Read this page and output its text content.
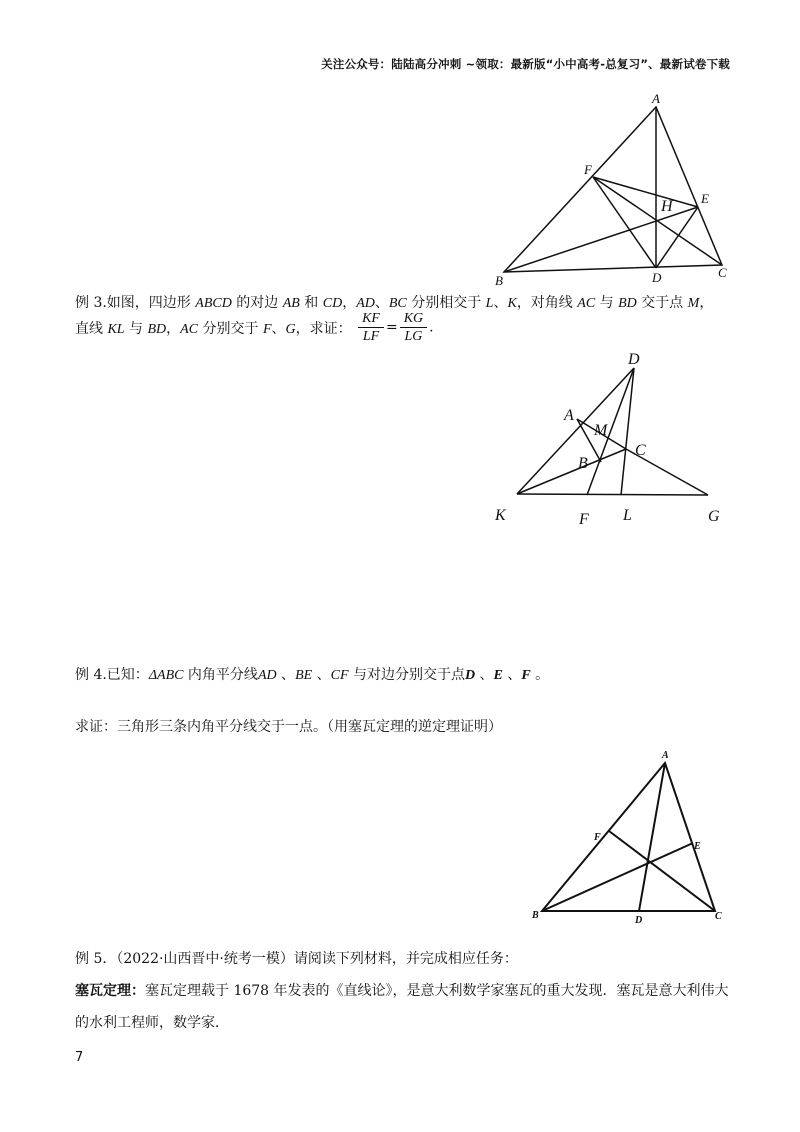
关注公众号：陆陆高分冲刺 ~领取：最新版“小中高考-总复习”、最新试卷下载
A
B
C
D
E
F
H
例 3.如图，四边形 ABCD 的对边 AB 和 CD，AD、BC 分别相交于 L、K，对角线 AC 与 BD 交于点 M，
直线 KL 与 BD，AC 分别交于 F、G，求证： $\frac{KF}{LF} = \frac{KG}{LG}$ .
D
A
B
C
M
K	F L	G
例 4.已知：ΔABC 内角平分线AD 、BE 、CF 与对边分别交于点D 、E 、F 。
求证：三角形三条内角平分线交于一点。（用塞瓦定理的逆定理证明）
A
B	C
D
E
F
例 5．（2022·山西晋中·统考一模）请阅读下列材料，并完成相应任务：
塞瓦定理：塞瓦定理载于 1678 年发表的《直线论》，是意大利数学家塞瓦的重大发现．塞瓦是意大利伟大
的水利工程师，数学家．
7
